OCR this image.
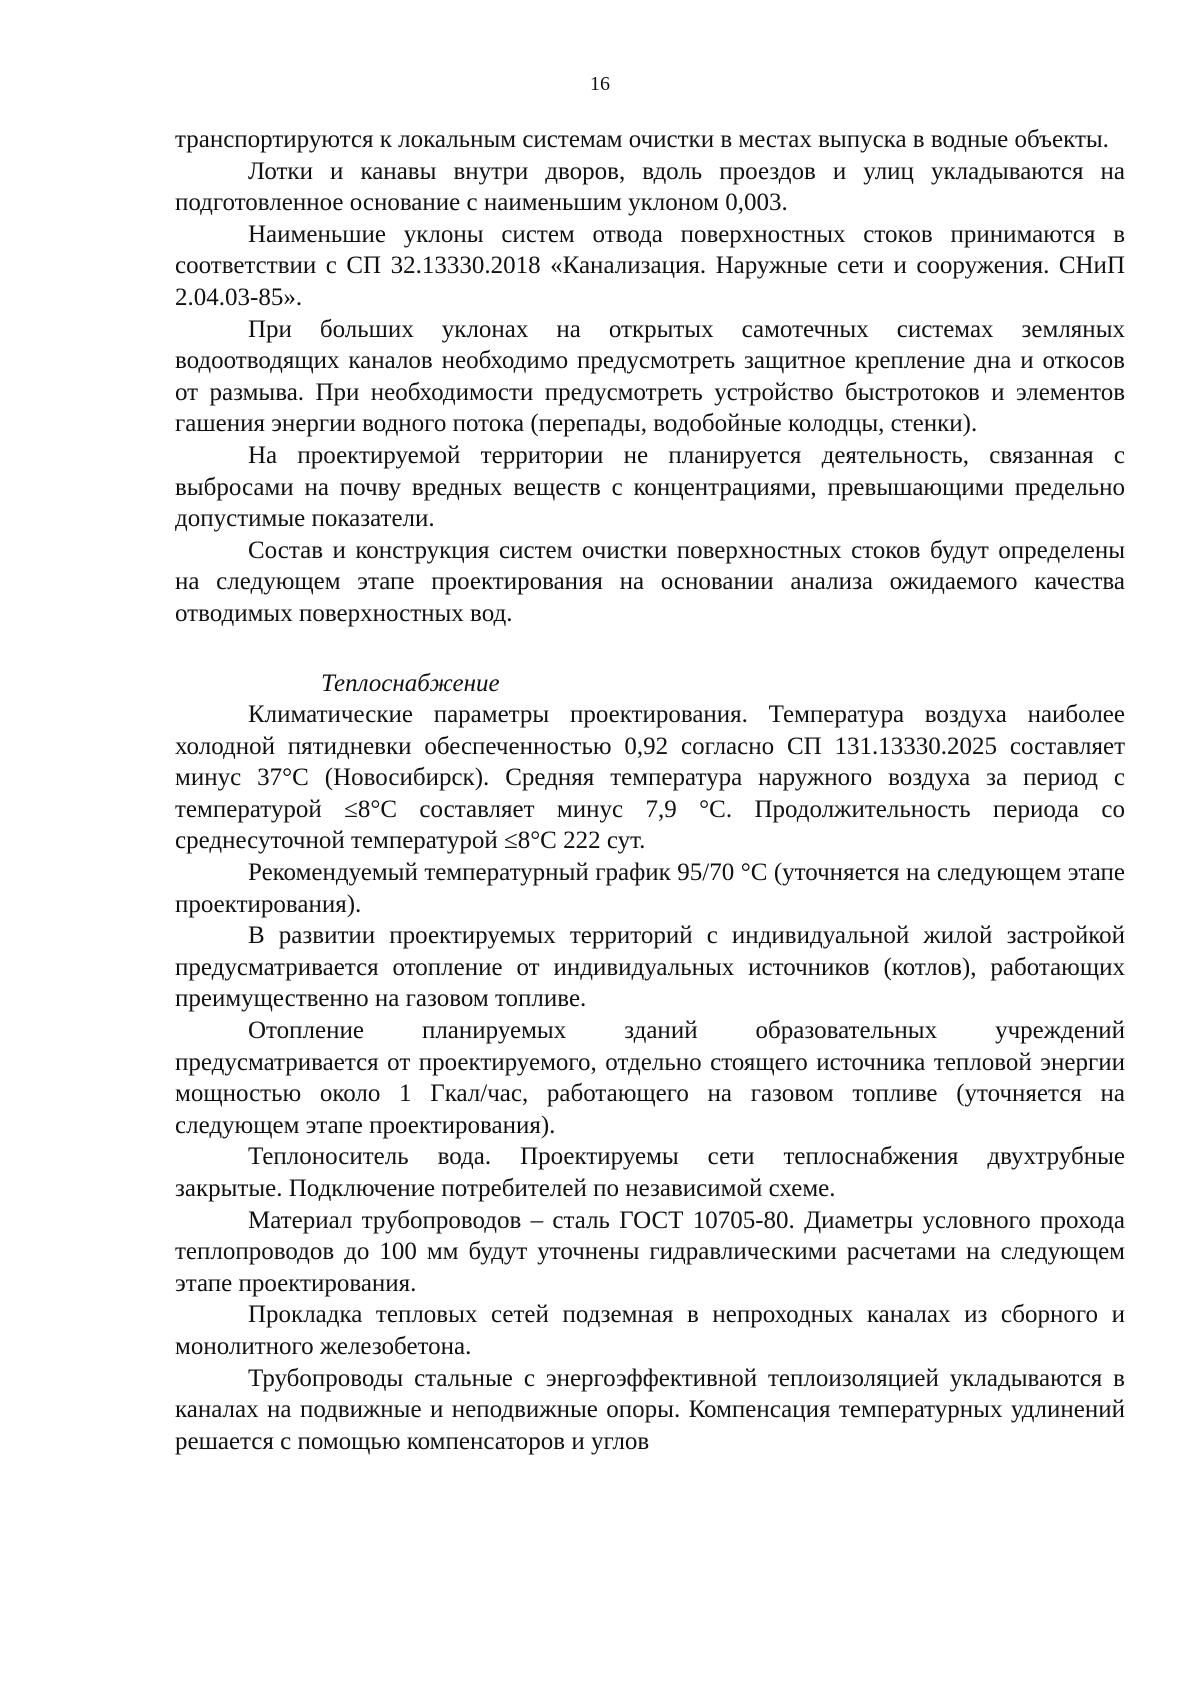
16

транспортируются к локальным системам очистки в местах выпуска в водные объекты.

Лотки и канавы внутри дворов, вдоль проездов и улиц укладываются на подготовленное основание с наименьшим уклоном 0,003.

Наименьшие уклоны систем отвода поверхностных стоков принимаются в соответствии с СП 32.13330.2018 «Канализация. Наружные сети и сооружения. СНиП 2.04.03-85».

При больших уклонах на открытых самотечных системах земляных водоотводящих каналов необходимо предусмотреть защитное крепление дна и откосов от размыва. При необходимости предусмотреть устройство быстротоков и элементов гашения энергии водного потока (перепады, водобойные колодцы, стенки).

На проектируемой территории не планируется деятельность, связанная с выбросами на почву вредных веществ с концентрациями, превышающими предельно допустимые показатели.

Состав и конструкция систем очистки поверхностных стоков будут определены на следующем этапе проектирования на основании анализа ожидаемого качества отводимых поверхностных вод.

Теплоснабжение

Климатические параметры проектирования. Температура воздуха наиболее холодной пятидневки обеспеченностью 0,92 согласно СП 131.13330.2025 составляет минус 37°С (Новосибирск). Средняя температура наружного воздуха за период с температурой ≤8°С составляет минус 7,9 °С. Продолжительность периода со среднесуточной температурой ≤8°С 222 сут.

Рекомендуемый температурный график 95/70 °С (уточняется на следующем этапе проектирования).

В развитии проектируемых территорий с индивидуальной жилой застройкой предусматривается отопление от индивидуальных источников (котлов), работающих преимущественно на газовом топливе.

Отопление планируемых зданий образовательных учреждений предусматривается от проектируемого, отдельно стоящего источника тепловой энергии мощностью около 1 Гкал/час, работающего на газовом топливе (уточняется на следующем этапе проектирования).

Теплоноситель вода. Проектируемы сети теплоснабжения двухтрубные закрытые. Подключение потребителей по независимой схеме.

Материал трубопроводов – сталь ГОСТ 10705-80. Диаметры условного прохода теплопроводов до 100 мм будут уточнены гидравлическими расчетами на следующем этапе проектирования.

Прокладка тепловых сетей подземная в непроходных каналах из сборного и монолитного железобетона.

Трубопроводы стальные с энергоэффективной теплоизоляцией укладываются в каналах на подвижные и неподвижные опоры. Компенсация температурных удлинений решается с помощью компенсаторов и углов
